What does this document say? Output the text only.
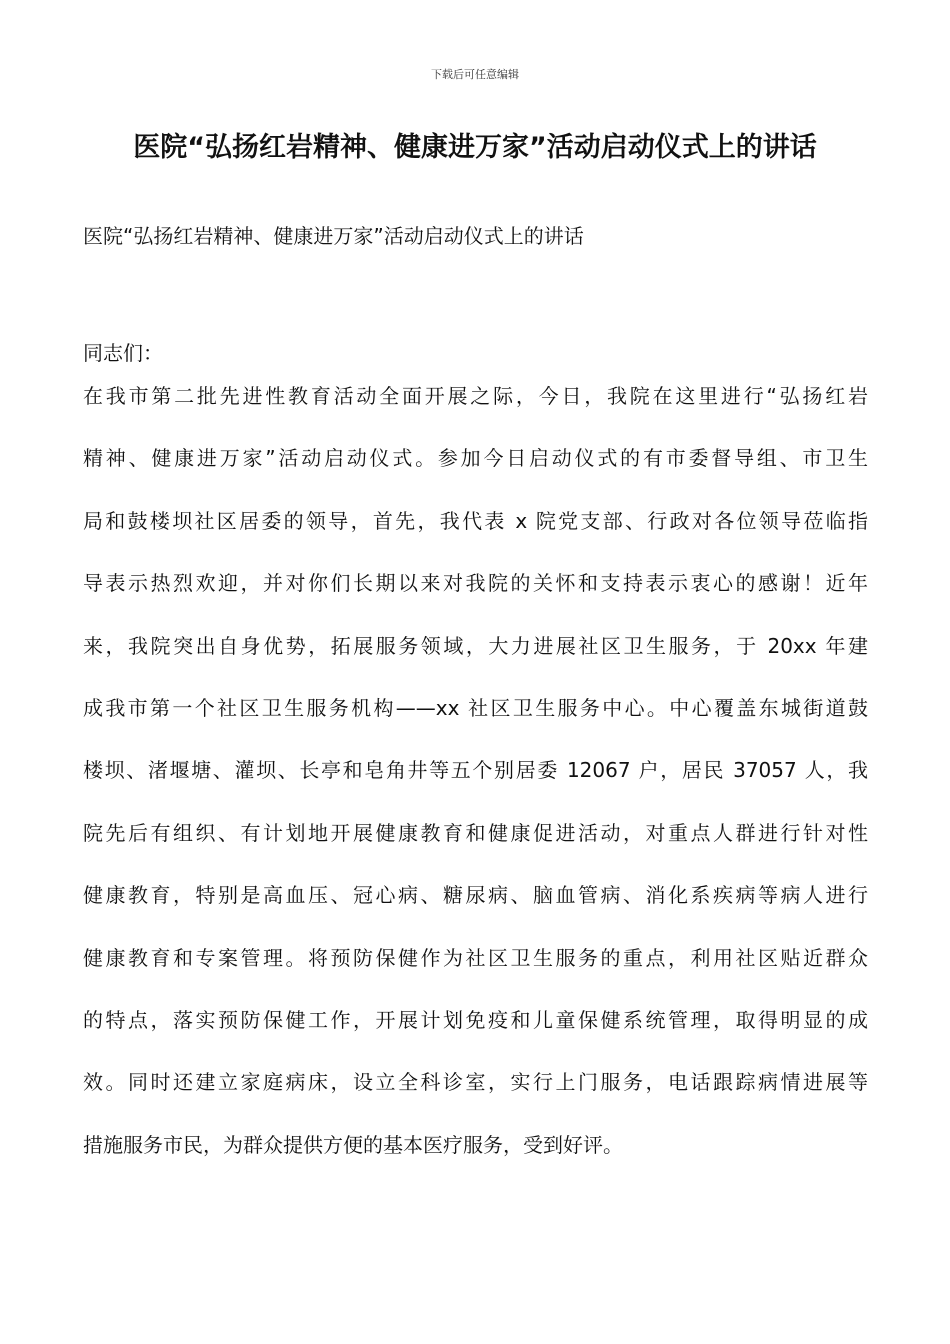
下载后可任意编辑
医院“弘扬红岩精神、健康进万家”活动启动仪式上的讲话

医院“弘扬红岩精神、健康进万家”活动启动仪式上的讲话

同志们：

在我市第二批先进性教育活动全面开展之际，今日，我院在这里进行“弘扬红岩
精神、健康进万家”活动启动仪式。参加今日启动仪式的有市委督导组、市卫生
局和鼓楼坝社区居委的领导，首先，我代表 x 院党支部、行政对各位领导莅临指
导表示热烈欢迎，并对你们长期以来对我院的关怀和支持表示衷心的感谢！近年
来，我院突出自身优势，拓展服务领域，大力进展社区卫生服务，于 20xx 年建
成我市第一个社区卫生服务机构——xx 社区卫生服务中心。中心覆盖东城街道鼓
楼坝、渚堰塘、灌坝、长亭和皂角井等五个别居委 12067 户，居民 37057 人，我
院先后有组织、有计划地开展健康教育和健康促进活动，对重点人群进行针对性
健康教育，特别是高血压、冠心病、糖尿病、脑血管病、消化系疾病等病人进行
健康教育和专案管理。将预防保健作为社区卫生服务的重点，利用社区贴近群众
的特点，落实预防保健工作，开展计划免疫和儿童保健系统管理，取得明显的成
效。同时还建立家庭病床，设立全科诊室，实行上门服务，电话跟踪病情进展等
措施服务市民，为群众提供方便的基本医疗服务，受到好评。
